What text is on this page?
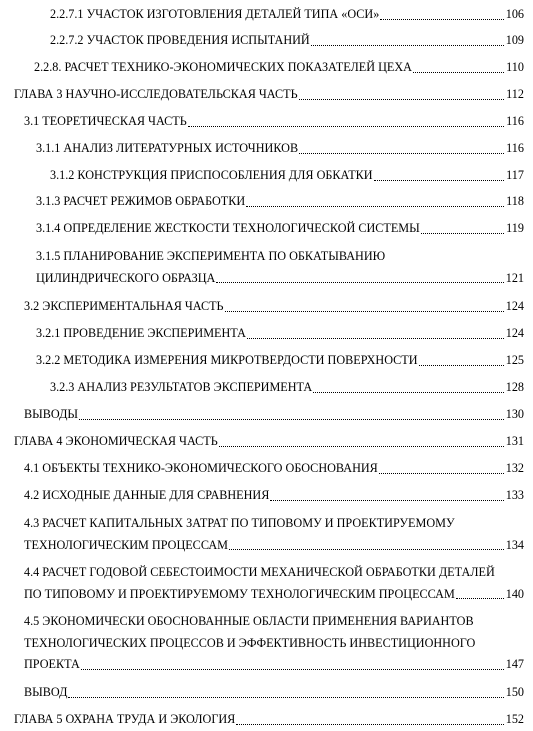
2.2.7.1 УЧАСТОК ИЗГОТОВЛЕНИЯ ДЕТАЛЕЙ ТИПА «ОСИ»	106
2.2.7.2 УЧАСТОК ПРОВЕДЕНИЯ ИСПЫТАНИЙ	109
2.2.8. РАСЧЕТ ТЕХНИКО-ЭКОНОМИЧЕСКИХ ПОКАЗАТЕЛЕЙ ЦЕХА	110
ГЛАВА 3 НАУЧНО-ИССЛЕДОВАТЕЛЬСКАЯ ЧАСТЬ	112
3.1 ТЕОРЕТИЧЕСКАЯ ЧАСТЬ	116
3.1.1 АНАЛИЗ ЛИТЕРАТУРНЫХ ИСТОЧНИКОВ	116
3.1.2 КОНСТРУКЦИЯ ПРИСПОСОБЛЕНИЯ ДЛЯ ОБКАТКИ	117
3.1.3 РАСЧЕТ РЕЖИМОВ ОБРАБОТКИ	118
3.1.4 ОПРЕДЕЛЕНИЕ ЖЕСТКОСТИ ТЕХНОЛОГИЧЕСКОЙ СИСТЕМЫ	119
3.1.5 ПЛАНИРОВАНИЕ ЭКСПЕРИМЕНТА ПО ОБКАТЫВАНИЮ
ЦИЛИНДРИЧЕСКОГО ОБРАЗЦА	121
3.2 ЭКСПЕРИМЕНТАЛЬНАЯ ЧАСТЬ	124
3.2.1 ПРОВЕДЕНИЕ ЭКСПЕРИМЕНТА	124
3.2.2 МЕТОДИКА ИЗМЕРЕНИЯ МИКРОТВЕРДОСТИ ПОВЕРХНОСТИ	125
3.2.3 АНАЛИЗ РЕЗУЛЬТАТОВ ЭКСПЕРИМЕНТА	128
ВЫВОДЫ	130
ГЛАВА 4 ЭКОНОМИЧЕСКАЯ ЧАСТЬ	131
4.1 ОБЪЕКТЫ ТЕХНИКО-ЭКОНОМИЧЕСКОГО ОБОСНОВАНИЯ	132
4.2 ИСХОДНЫЕ ДАННЫЕ ДЛЯ СРАВНЕНИЯ	133
4.3 РАСЧЕТ КАПИТАЛЬНЫХ ЗАТРАТ ПО ТИПОВОМУ И ПРОЕКТИРУЕМОМУ
ТЕХНОЛОГИЧЕСКИМ ПРОЦЕССАМ	134
4.4 РАСЧЕТ ГОДОВОЙ СЕБЕСТОИМОСТИ МЕХАНИЧЕСКОЙ ОБРАБОТКИ ДЕТАЛЕЙ
ПО ТИПОВОМУ И ПРОЕКТИРУЕМОМУ ТЕХНОЛОГИЧЕСКИМ ПРОЦЕССАМ	140
4.5 ЭКОНОМИЧЕСКИ ОБОСНОВАННЫЕ ОБЛАСТИ ПРИМЕНЕНИЯ ВАРИАНТОВ
ТЕХНОЛОГИЧЕСКИХ ПРОЦЕССОВ И ЭФФЕКТИВНОСТЬ ИНВЕСТИЦИОННОГО
ПРОЕКТА	147
ВЫВОД	150
ГЛАВА 5 ОХРАНА ТРУДА И ЭКОЛОГИЯ	152
